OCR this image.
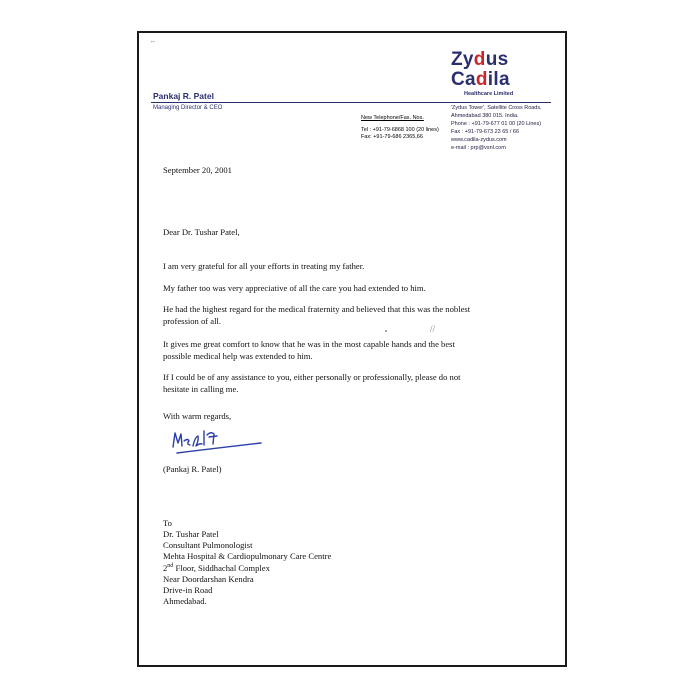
⌐
//
Pankaj R. Patel
Managing Director & CEO
Zydus
Cadila
Healthcare Limited
New Telephone/Fax. Nos.
Tel : +91-79-6868 100 (20 lines)
Fax: +91-79-686 2365,66
'Zydus Tower', Satellite Cross Roads,
Ahmedabad 380 015. India.
Phone : +91-79-677 01 00 (20 Lines)
Fax : +91-79-673 23 65 / 66
www.cadila-zydus.com
e-mail : prp@vsnl.com
September 20, 2001
Dear Dr. Tushar Patel,
I am very grateful for all your efforts in treating my father.
My father too was very appreciative of all the care you had extended to him.
He had the highest regard for the medical fraternity and believed that this was the noblest
profession of all.
It gives me great comfort to know that he was in the most capable hands and the best
possible medical help was extended to him.
If I could be of any assistance to you, either personally or professionally, please do not
hesitate in calling me.
With warm regards,
(Pankaj R. Patel)
To
Dr. Tushar Patel
Consultant Pulmonologist
Mehta Hospital & Cardiopulmonary Care Centre
2nd Floor, Siddhachal Complex
Near Doordarshan Kendra
Drive-in Road
Ahmedabad.
